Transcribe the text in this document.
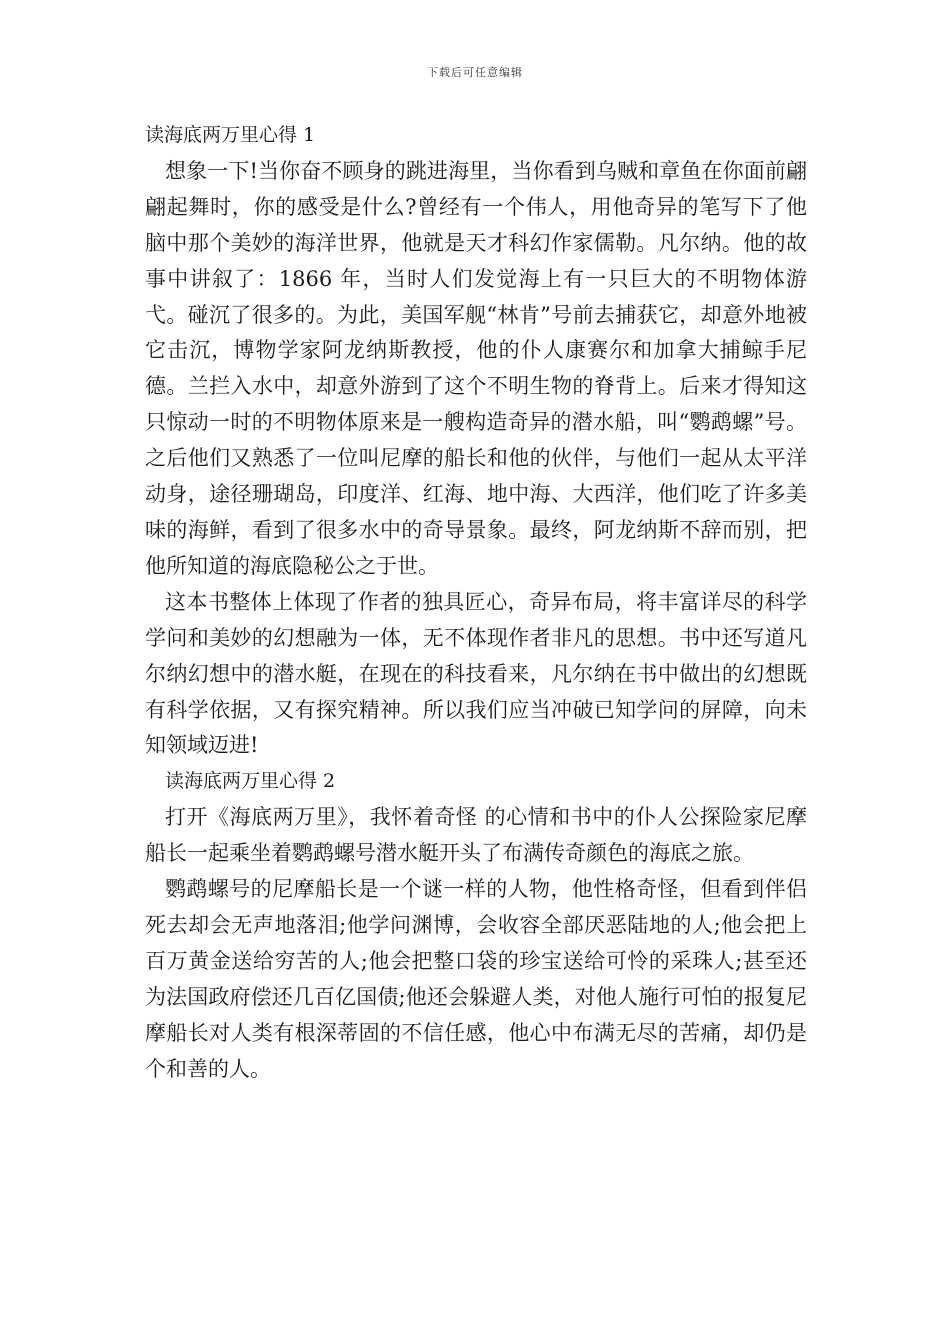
下载后可任意编辑

读海底两万里心得 1

想象一下!当你奋不顾身的跳进海里，当你看到乌贼和章鱼在你面前翩翩起舞时，你的感受是什么?曾经有一个伟人，用他奇异的笔写下了他脑中那个美妙的海洋世界，他就是天才科幻作家儒勒。凡尔纳。他的故事中讲叙了：1866 年，当时人们发觉海上有一只巨大的不明物体游弋。碰沉了很多的。为此，美国军舰“林肯”号前去捕获它，却意外地被它击沉，博物学家阿龙纳斯教授，他的仆人康赛尔和加拿大捕鲸手尼德。兰拦入水中，却意外游到了这个不明生物的脊背上。后来才得知这只惊动一时的不明物体原来是一艘构造奇异的潜水船，叫“鹦鹉螺”号。之后他们又熟悉了一位叫尼摩的船长和他的伙伴，与他们一起从太平洋动身，途径珊瑚岛，印度洋、红海、地中海、大西洋，他们吃了许多美味的海鲜，看到了很多水中的奇导景象。最终，阿龙纳斯不辞而别，把他所知道的海底隐秘公之于世。

这本书整体上体现了作者的独具匠心，奇异布局，将丰富详尽的科学学问和美妙的幻想融为一体，无不体现作者非凡的思想。书中还写道凡尔纳幻想中的潜水艇，在现在的科技看来，凡尔纳在书中做出的幻想既有科学依据，又有探究精神。所以我们应当冲破已知学问的屏障，向未知领域迈进!

读海底两万里心得 2

打开《海底两万里》，我怀着奇怪 的心情和书中的仆人公探险家尼摩船长一起乘坐着鹦鹉螺号潜水艇开头了布满传奇颜色的海底之旅。

鹦鹉螺号的尼摩船长是一个谜一样的人物，他性格奇怪，但看到伴侣死去却会无声地落泪;他学问渊博，会收容全部厌恶陆地的人;他会把上百万黄金送给穷苦的人;他会把整口袋的珍宝送给可怜的采珠人;甚至还为法国政府偿还几百亿国债;他还会躲避人类，对他人施行可怕的报复尼摩船长对人类有根深蒂固的不信任感，他心中布满无尽的苦痛，却仍是个和善的人。
